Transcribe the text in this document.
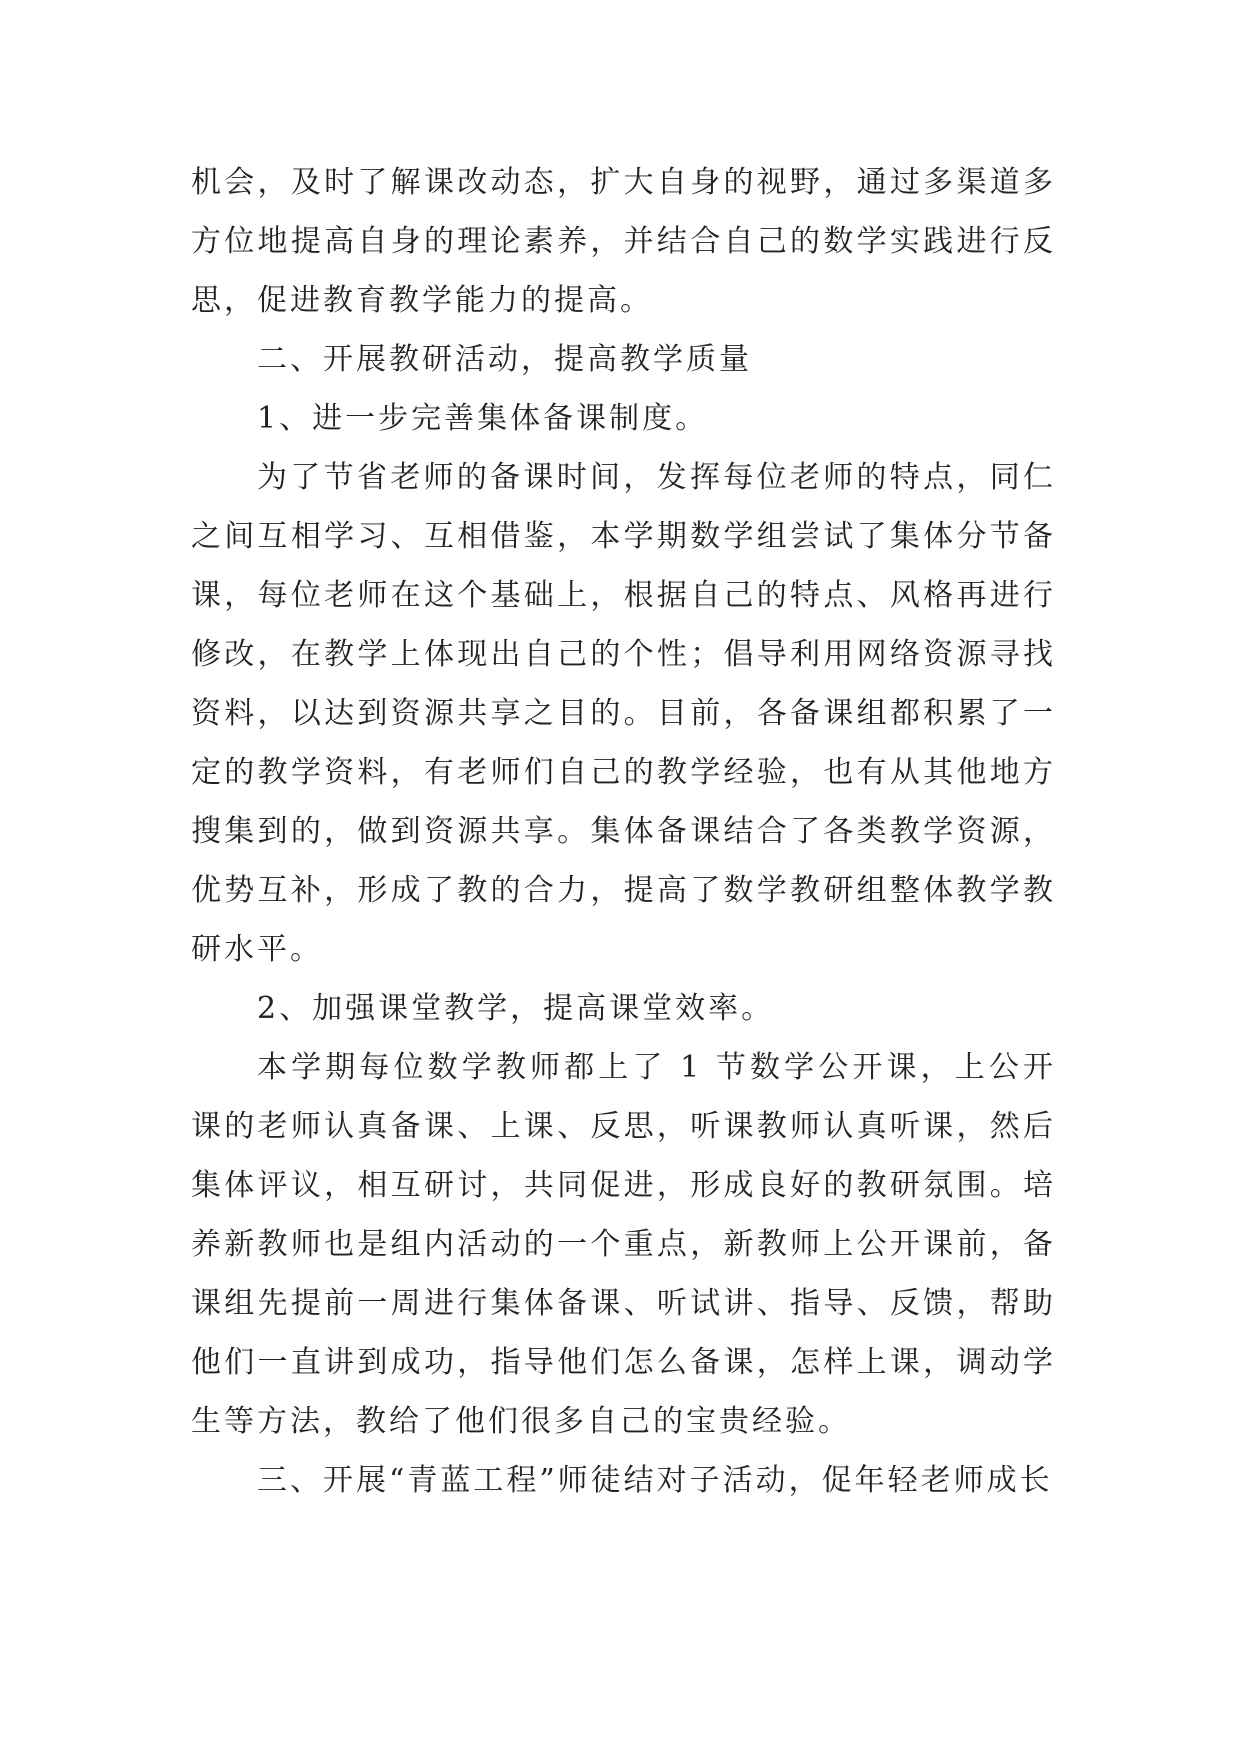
机会，及时了解课改动态，扩大自身的视野，通过多渠道多方位地提高自身的理论素养，并结合自己的数学实践进行反思，促进教育教学能力的提高。

二、开展教研活动，提高教学质量

1、进一步完善集体备课制度。

为了节省老师的备课时间，发挥每位老师的特点，同仁之间互相学习、互相借鉴，本学期数学组尝试了集体分节备课，每位老师在这个基础上，根据自己的特点、风格再进行修改，在教学上体现出自己的个性；倡导利用网络资源寻找资料，以达到资源共享之目的。目前，各备课组都积累了一定的教学资料，有老师们自己的教学经验，也有从其他地方搜集到的，做到资源共享。集体备课结合了各类教学资源，优势互补，形成了教的合力，提高了数学教研组整体教学教研水平。

2、加强课堂教学，提高课堂效率。

本学期每位数学教师都上了 1 节数学公开课，上公开课的老师认真备课、上课、反思，听课教师认真听课，然后集体评议，相互研讨，共同促进，形成良好的教研氛围。培养新教师也是组内活动的一个重点，新教师上公开课前，备课组先提前一周进行集体备课、听试讲、指导、反馈，帮助他们一直讲到成功，指导他们怎么备课，怎样上课，调动学生等方法，教给了他们很多自己的宝贵经验。

三、开展“青蓝工程”师徒结对子活动，促年轻老师成长
